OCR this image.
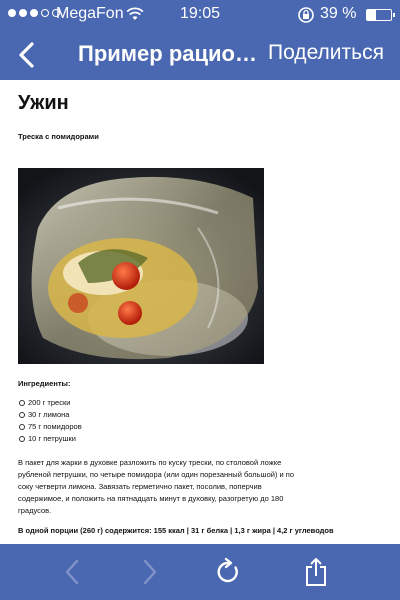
MegaFon	19:05	39 %
Пример рацио… Поделиться
Ужин
Треска с помидорами
Ингредиенты:
200 г трески
30 г лимона
75 г помидоров
10 г петрушки

В пакет для жарки в духовке разложить по куску трески, по столовой ложке рубленой петрушки, по четыре помидора (или один порезанный большой) и по соку четверти лимона. Завязать герметично пакет, посолив, поперчив содержимое, и положить на пятнадцать минут в духовку, разогретую до 180 градусов.

В одной порции (260 г) содержится: 155 ккал | 31 г белка | 1,3 г жира | 4,2 г углеводов
